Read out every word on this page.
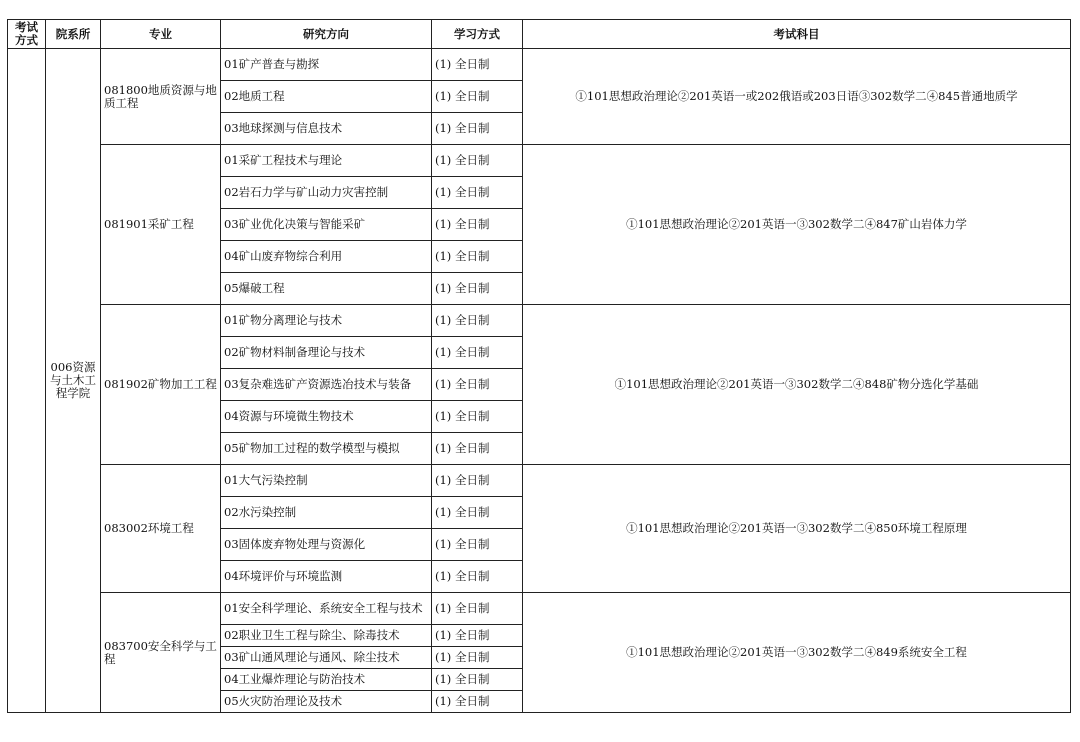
考试方式	院系所	专业	研究方向	学习方式	考试科目
	006资源与土木工程学院	081800地质资源与地质工程	01矿产普查与勘探	(1) 全日制	①101思想政治理论②201英语一或202俄语或203日语③302数学二④845普通地质学
			02地质工程	(1) 全日制	
			03地球探测与信息技术	(1) 全日制	
		081901采矿工程	01采矿工程技术与理论	(1) 全日制	①101思想政治理论②201英语一③302数学二④847矿山岩体力学
			02岩石力学与矿山动力灾害控制	(1) 全日制	
			03矿业优化决策与智能采矿	(1) 全日制	
			04矿山废弃物综合利用	(1) 全日制	
			05爆破工程	(1) 全日制	
		081902矿物加工工程	01矿物分离理论与技术	(1) 全日制	①101思想政治理论②201英语一③302数学二④848矿物分选化学基础
			02矿物材料制备理论与技术	(1) 全日制	
			03复杂难选矿产资源选冶技术与装备	(1) 全日制	
			04资源与环境微生物技术	(1) 全日制	
			05矿物加工过程的数学模型与模拟	(1) 全日制	
		083002环境工程	01大气污染控制	(1) 全日制	①101思想政治理论②201英语一③302数学二④850环境工程原理
			02水污染控制	(1) 全日制	
			03固体废弃物处理与资源化	(1) 全日制	
			04环境评价与环境监测	(1) 全日制	
		083700安全科学与工程	01安全科学理论、系统安全工程与技术	(1) 全日制	①101思想政治理论②201英语一③302数学二④849系统安全工程
			02职业卫生工程与除尘、除毒技术	(1) 全日制	
			03矿山通风理论与通风、除尘技术	(1) 全日制	
			04工业爆炸理论与防治技术	(1) 全日制	
			05火灾防治理论及技术	(1) 全日制	
